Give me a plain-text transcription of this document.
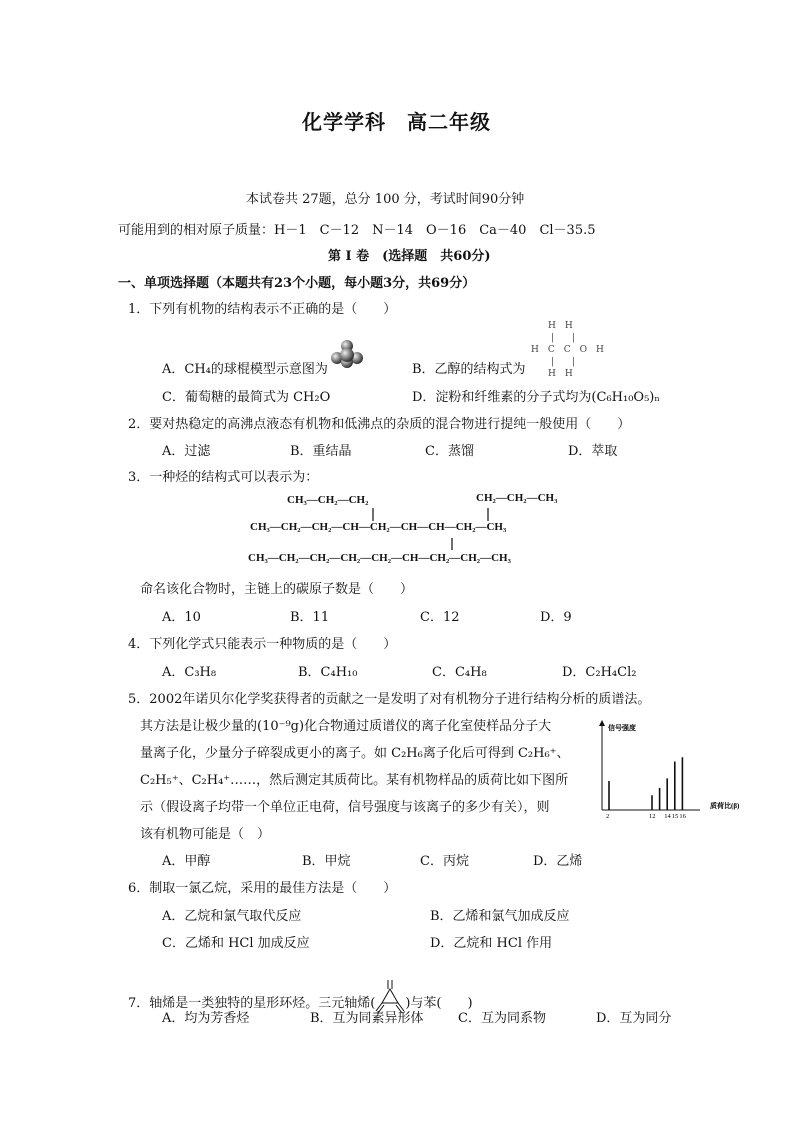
化学学科　高二年级
本试卷共 27题，总分 100 分，考试时间90分钟
可能用到的相对原子质量：H－1　C－12　N－14　O－16　Ca－40　Cl－35.5
第 I 卷　(选择题　共60分)
一、单项选择题（本题共有23个小题，每小题3分，共69分）
1．下列有机物的结构表示不正确的是（　　）
A．CH₄的球棍模型示意图为	B．乙醇的结构式为
H　H
|　　|
H　C　C　O　H
|　　|
H　H
C．葡萄糖的最简式为 CH₂O	D．淀粉和纤维素的分子式均为(C₆H₁₀O₅)ₙ
2．要对热稳定的高沸点液态有机物和低沸点的杂质的混合物进行提纯一般使用（　　）
A．过滤	B．重结晶	C．蒸馏	D．萃取
3．一种烃的结构式可以表示为：
CH₃—CH₂—CH₂	CH₂—CH₂—CH₃
CH₃—CH₂—CH₂—CH—CH₂—CH—CH—CH₂—CH₃
CH₃—CH₂—CH₂—CH₂—CH₂—CH—CH₂—CH₂—CH₃
命名该化合物时，主链上的碳原子数是（　　）
A．10	B．11	C．12	D．9
4．下列化学式只能表示一种物质的是（　　）
A．C₃H₈	B．C₄H₁₀	C．C₄H₈	D．C₂H₄Cl₂
5．2002年诺贝尔化学奖获得者的贡献之一是发明了对有机物分子进行结构分析的质谱法。
其方法是让极少量的(10⁻⁹g)化合物通过质谱仪的离子化室使样品分子大
量离子化，少量分子碎裂成更小的离子。如 C₂H₆离子化后可得到 C₂H₆⁺、
C₂H₅⁺、C₂H₄⁺……，然后测定其质荷比。某有机物样品的质荷比如下图所
示（假设离子均带一个单位正电荷，信号强度与该离子的多少有关），则
该有机物可能是（　）
信号强度
质荷比(β)
2	12 14 15 16
A．甲醇	B．甲烷	C．丙烷	D．乙烯
6．制取一氯乙烷，采用的最佳方法是（　　）
A．乙烷和氯气取代反应	B．乙烯和氯气加成反应
C．乙烯和 HCl 加成反应	D．乙烷和 HCl 作用
7．轴烯是一类独特的星形环烃。三元轴烯( )与苯(　　)
A．均为芳香烃	B．互为同素异形体	C．互为同系物	D．互为同分
